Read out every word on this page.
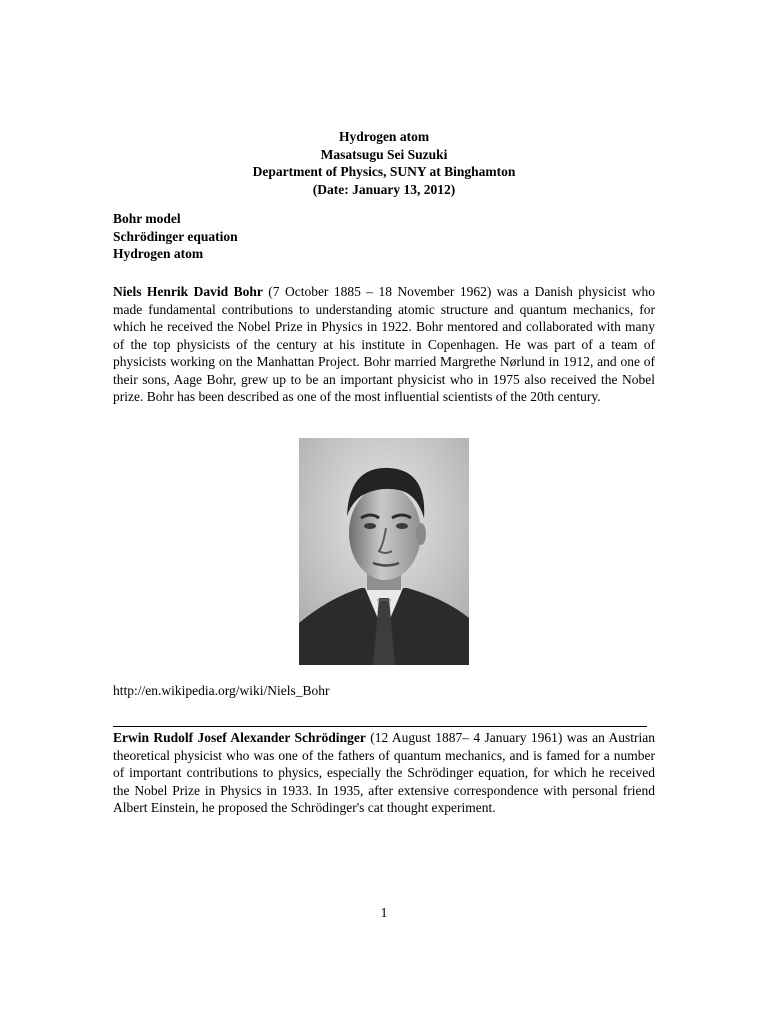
Hydrogen atom
Masatsugu Sei Suzuki
Department of Physics, SUNY at Binghamton
(Date: January 13, 2012)
Bohr model
Schrödinger equation
Hydrogen atom
Niels Henrik David Bohr (7 October 1885 – 18 November 1962) was a Danish physicist who made fundamental contributions to understanding atomic structure and quantum mechanics, for which he received the Nobel Prize in Physics in 1922. Bohr mentored and collaborated with many of the top physicists of the century at his institute in Copenhagen. He was part of a team of physicists working on the Manhattan Project. Bohr married Margrethe Nørlund in 1912, and one of their sons, Aage Bohr, grew up to be an important physicist who in 1975 also received the Nobel prize. Bohr has been described as one of the most influential scientists of the 20th century.
http://en.wikipedia.org/wiki/Niels_Bohr
Erwin Rudolf Josef Alexander Schrödinger (12 August 1887– 4 January 1961) was an Austrian theoretical physicist who was one of the fathers of quantum mechanics, and is famed for a number of important contributions to physics, especially the Schrödinger equation, for which he received the Nobel Prize in Physics in 1933. In 1935, after extensive correspondence with personal friend Albert Einstein, he proposed the Schrödinger's cat thought experiment.
1
